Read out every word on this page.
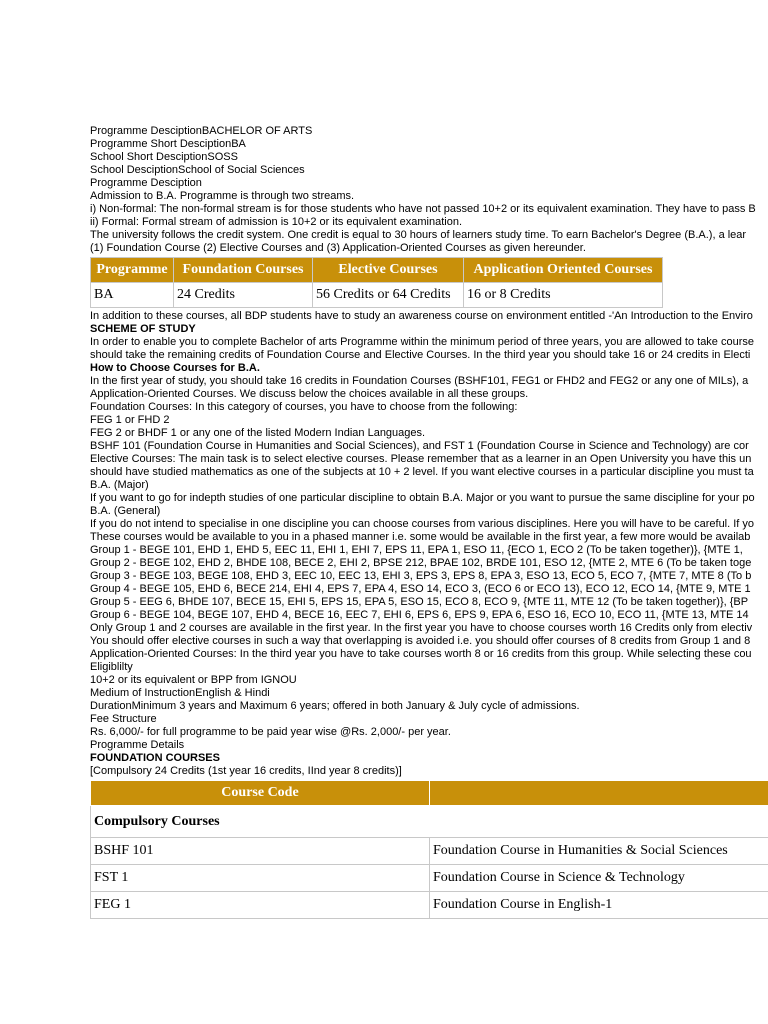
Programme DesciptionBACHELOR OF ARTS
Programme Short DesciptionBA
School Short DesciptionSOSS
School DesciptionSchool of Social Sciences
Programme Desciption
Admission to B.A. Programme is through two streams.
i) Non-formal: The non-formal stream is for those students who have not passed 10+2 or its equivalent examination. They have to pass B
ii) Formal: Formal stream of admission is 10+2 or its equivalent examination.
The university follows the credit system. One credit is equal to 30 hours of learners study time. To earn Bachelor's Degree (B.A.), a lear
(1) Foundation Course (2) Elective Courses and (3) Application-Oriented Courses as given hereunder.
Programme	Foundation Courses	Elective Courses	Application Oriented Courses
BA	24 Credits	56 Credits or 64 Credits	16 or 8 Credits
In addition to these courses, all BDP students have to study an awareness course on environment entitled -'An Introduction to the Enviro
SCHEME OF STUDY
In order to enable you to complete Bachelor of arts Programme within the minimum period of three years, you are allowed to take course
should take the remaining credits of Foundation Course and Elective Courses. In the third year you should take 16 or 24 credits in Electi
How to Choose Courses for B.A.
In the first year of study, you should take 16 credits in Foundation Courses (BSHF101, FEG1 or FHD2 and FEG2 or any one of MILs), a
Application-Oriented Courses. We discuss below the choices available in all these groups.
Foundation Courses: In this category of courses, you have to choose from the following:
FEG 1 or FHD 2
FEG 2 or BHDF 1 or any one of the listed Modern Indian Languages.
BSHF 101 (Foundation Course in Humanities and Social Sciences), and FST 1 (Foundation Course in Science and Technology) are cor
Elective Courses: The main task is to select elective courses. Please remember that as a learner in an Open University you have this un
should have studied mathematics as one of the subjects at 10 + 2 level. If you want elective courses in a particular discipline you must ta
B.A. (Major)
If you want to go for indepth studies of one particular discipline to obtain B.A. Major or you want to pursue the same discipline for your po
B.A. (General)
If you do not intend to specialise in one discipline you can choose courses from various disciplines. Here you will have to be careful. If yo
These courses would be available to you in a phased manner i.e. some would be available in the first year, a few more would be availab
Group 1 - BEGE 101, EHD 1, EHD 5, EEC 11, EHI 1, EHI 7, EPS 11, EPA 1, ESO 11, {ECO 1, ECO 2 (To be taken together)}, {MTE 1,
Group 2 - BEGE 102, EHD 2, BHDE 108, BECE 2, EHI 2, BPSE 212, BPAE 102, BRDE 101, ESO 12, {MTE 2, MTE 6 (To be taken toge
Group 3 - BEGE 103, BEGE 108, EHD 3, EEC 10, EEC 13, EHI 3, EPS 3, EPS 8, EPA 3, ESO 13, ECO 5, ECO 7, {MTE 7, MTE 8 (To b
Group 4 - BEGE 105, EHD 6, BECE 214, EHI 4, EPS 7, EPA 4, ESO 14, ECO 3, (ECO 6 or ECO 13), ECO 12, ECO 14, {MTE 9, MTE 1
Group 5 - EEG 6, BHDE 107, BECE 15, EHI 5, EPS 15, EPA 5, ESO 15, ECO 8, ECO 9, {MTE 11, MTE 12 (To be taken together)}, {BP
Group 6 - BEGE 104, BEGE 107, EHD 4, BECE 16, EEC 7, EHI 6, EPS 6, EPS 9, EPA 6, ESO 16, ECO 10, ECO 11, {MTE 13, MTE 14
Only Group 1 and 2 courses are available in the first year. In the first year you have to choose courses worth 16 Credits only from electiv
You should offer elective courses in such a way that overlapping is avoided i.e. you should offer courses of 8 credits from Group 1 and 8
Application-Oriented Courses: In the third year you have to take courses worth 8 or 16 credits from this group. While selecting these cou
Eligiblilty
10+2 or its equivalent or BPP from IGNOU
Medium of InstructionEnglish & Hindi
DurationMinimum 3 years and Maximum 6 years; offered in both January & July cycle of admissions.
Fee Structure
Rs. 6,000/- for full programme to be paid year wise @Rs. 2,000/- per year.
Programme Details
FOUNDATION COURSES
[Compulsory 24 Credits (1st year 16 credits, IInd year 8 credits)]
Course Code	
Compulsory Courses	
BSHF 101	Foundation Course in Humanities & Social Sciences
FST 1	Foundation Course in Science & Technology
FEG 1	Foundation Course in English-1
